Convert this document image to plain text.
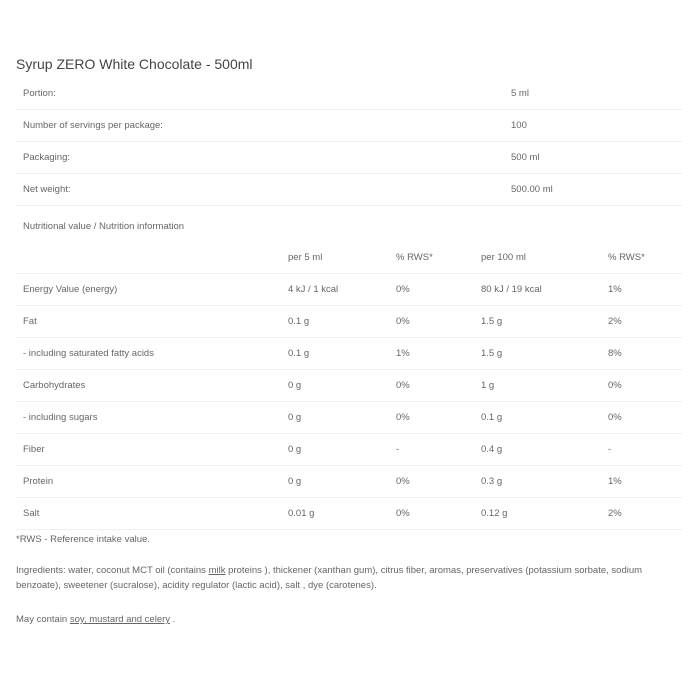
Syrup ZERO White Chocolate - 500ml
Portion:	5 ml
Number of servings per package:	100
Packaging:	500 ml
Net weight:	500.00 ml
Nutritional value / Nutrition information
	per 5 ml	% RWS*	per 100 ml	% RWS*
Energy Value (energy)	4 kJ / 1 kcal	0%	80 kJ / 19 kcal	1%
Fat	0.1 g	0%	1.5 g	2%
- including saturated fatty acids	0.1 g	1%	1.5 g	8%
Carbohydrates	0 g	0%	1 g	0%
- including sugars	0 g	0%	0.1 g	0%
Fiber	0 g	-	0.4 g	-
Protein	0 g	0%	0.3 g	1%
Salt	0.01 g	0%	0.12 g	2%

*RWS - Reference intake value.

Ingredients: water, coconut MCT oil (contains milk proteins ), thickener (xanthan gum), citrus fiber, aromas, preservatives (potassium sorbate, sodium benzoate), sweetener (sucralose), acidity regulator (lactic acid), salt , dye (carotenes).

May contain soy, mustard and celery .
